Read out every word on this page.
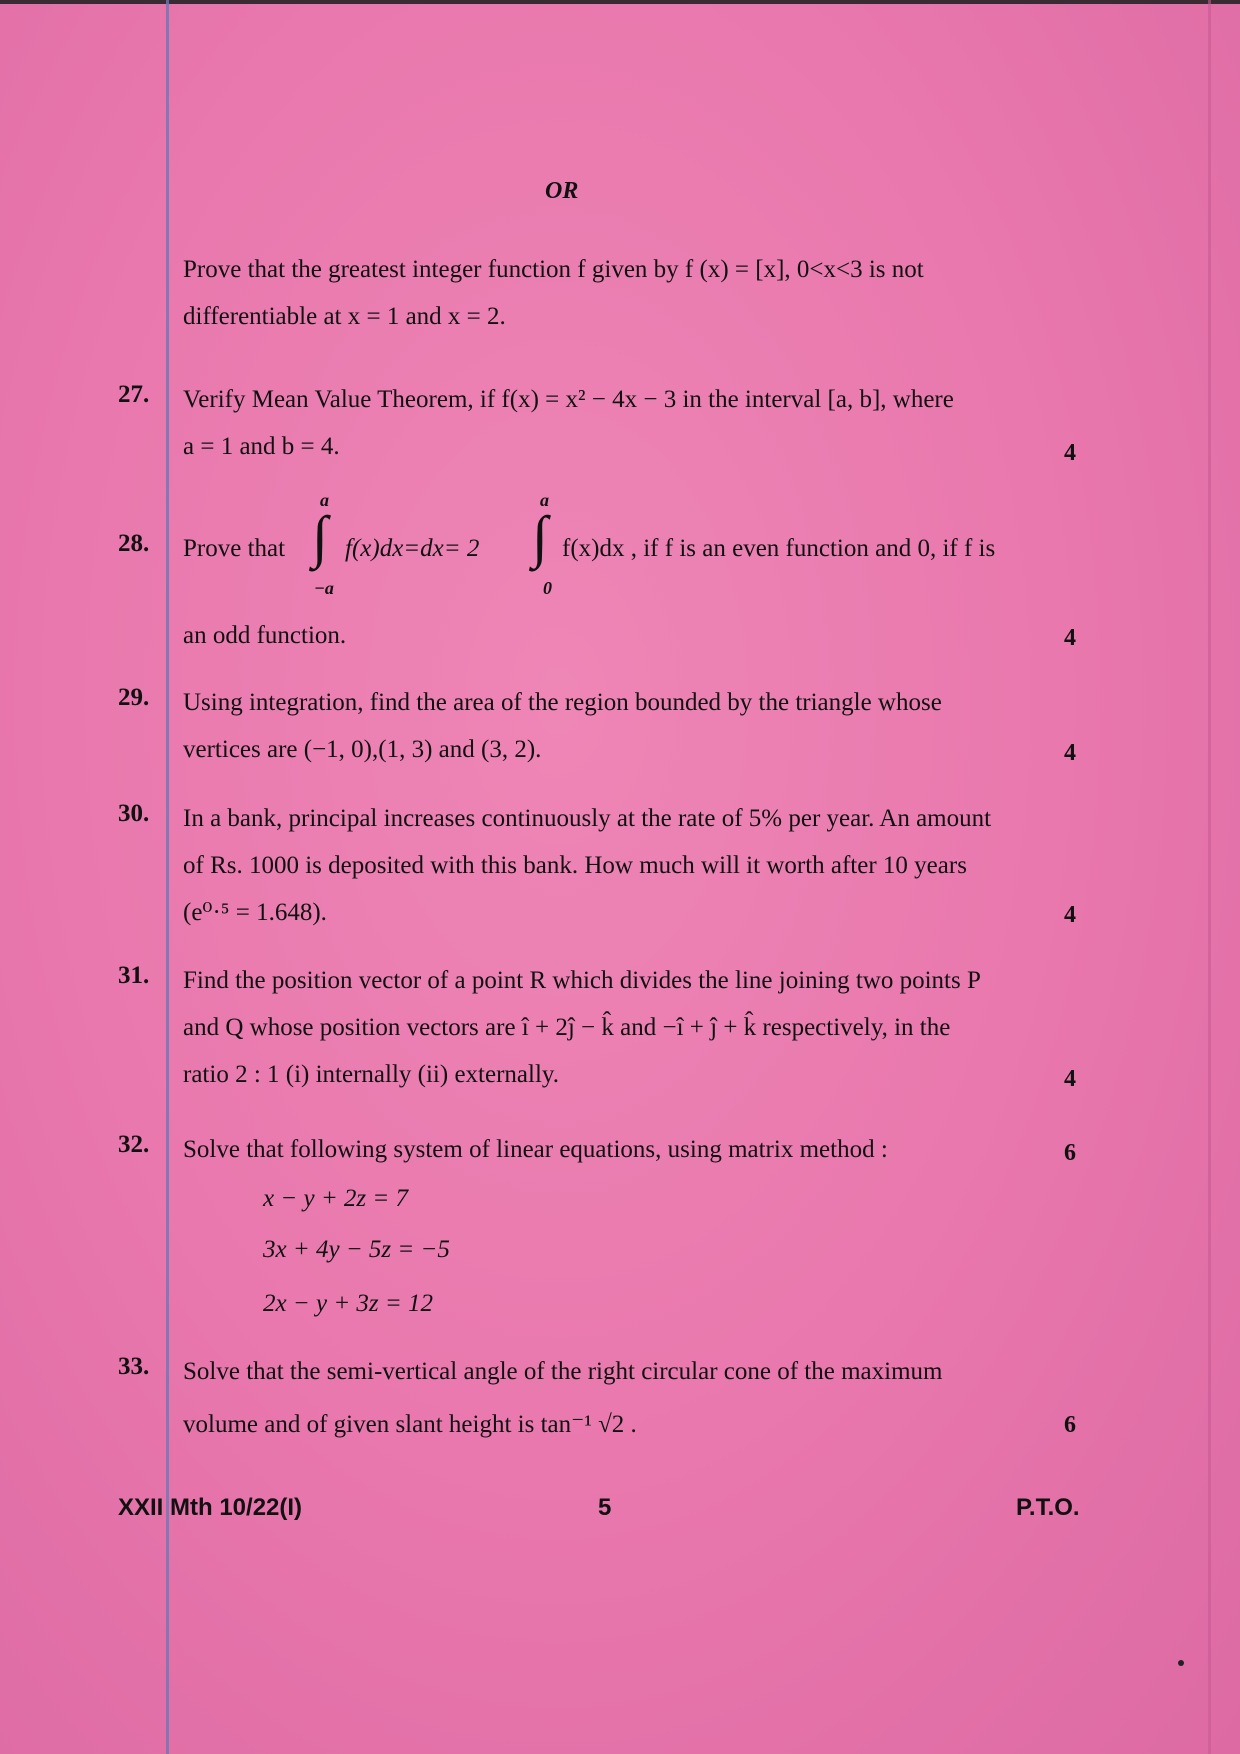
OR
Prove that the greatest integer function f given by f (x) = [x], 0<x<3 is not
differentiable at x = 1 and x = 2.
27. Verify Mean Value Theorem, if f(x) = x² − 4x − 3 in the interval [a, b], where
a = 1 and b = 4.	4
28. Prove that
a
∫
−a
f(x)dx=dx= 2
a
∫
0
f(x)dx , if f is an even function and 0, if f is
an odd function.	4
29. Using integration, find the area of the region bounded by the triangle whose
vertices are (−1, 0),(1, 3) and (3, 2).	4
30. In a bank, principal increases continuously at the rate of 5% per year. An amount
of Rs. 1000 is deposited with this bank. How much will it worth after 10 years
(e⁰·⁵ = 1.648).	4
31. Find the position vector of a point R which divides the line joining two points P
and Q whose position vectors are î + 2ĵ − k̂ and −î + ĵ + k̂ respectively, in the
ratio 2 : 1 (i) internally (ii) externally.	4
32. Solve that following system of linear equations, using matrix method :	6
x − y + 2z = 7
3x + 4y − 5z = −5
2x − y + 3z = 12
33. Solve that the semi-vertical angle of the right circular cone of the maximum
volume and of given slant height is tan⁻¹ √2 .	6
XXII Mth 10/22(I)	5	P.T.O.
